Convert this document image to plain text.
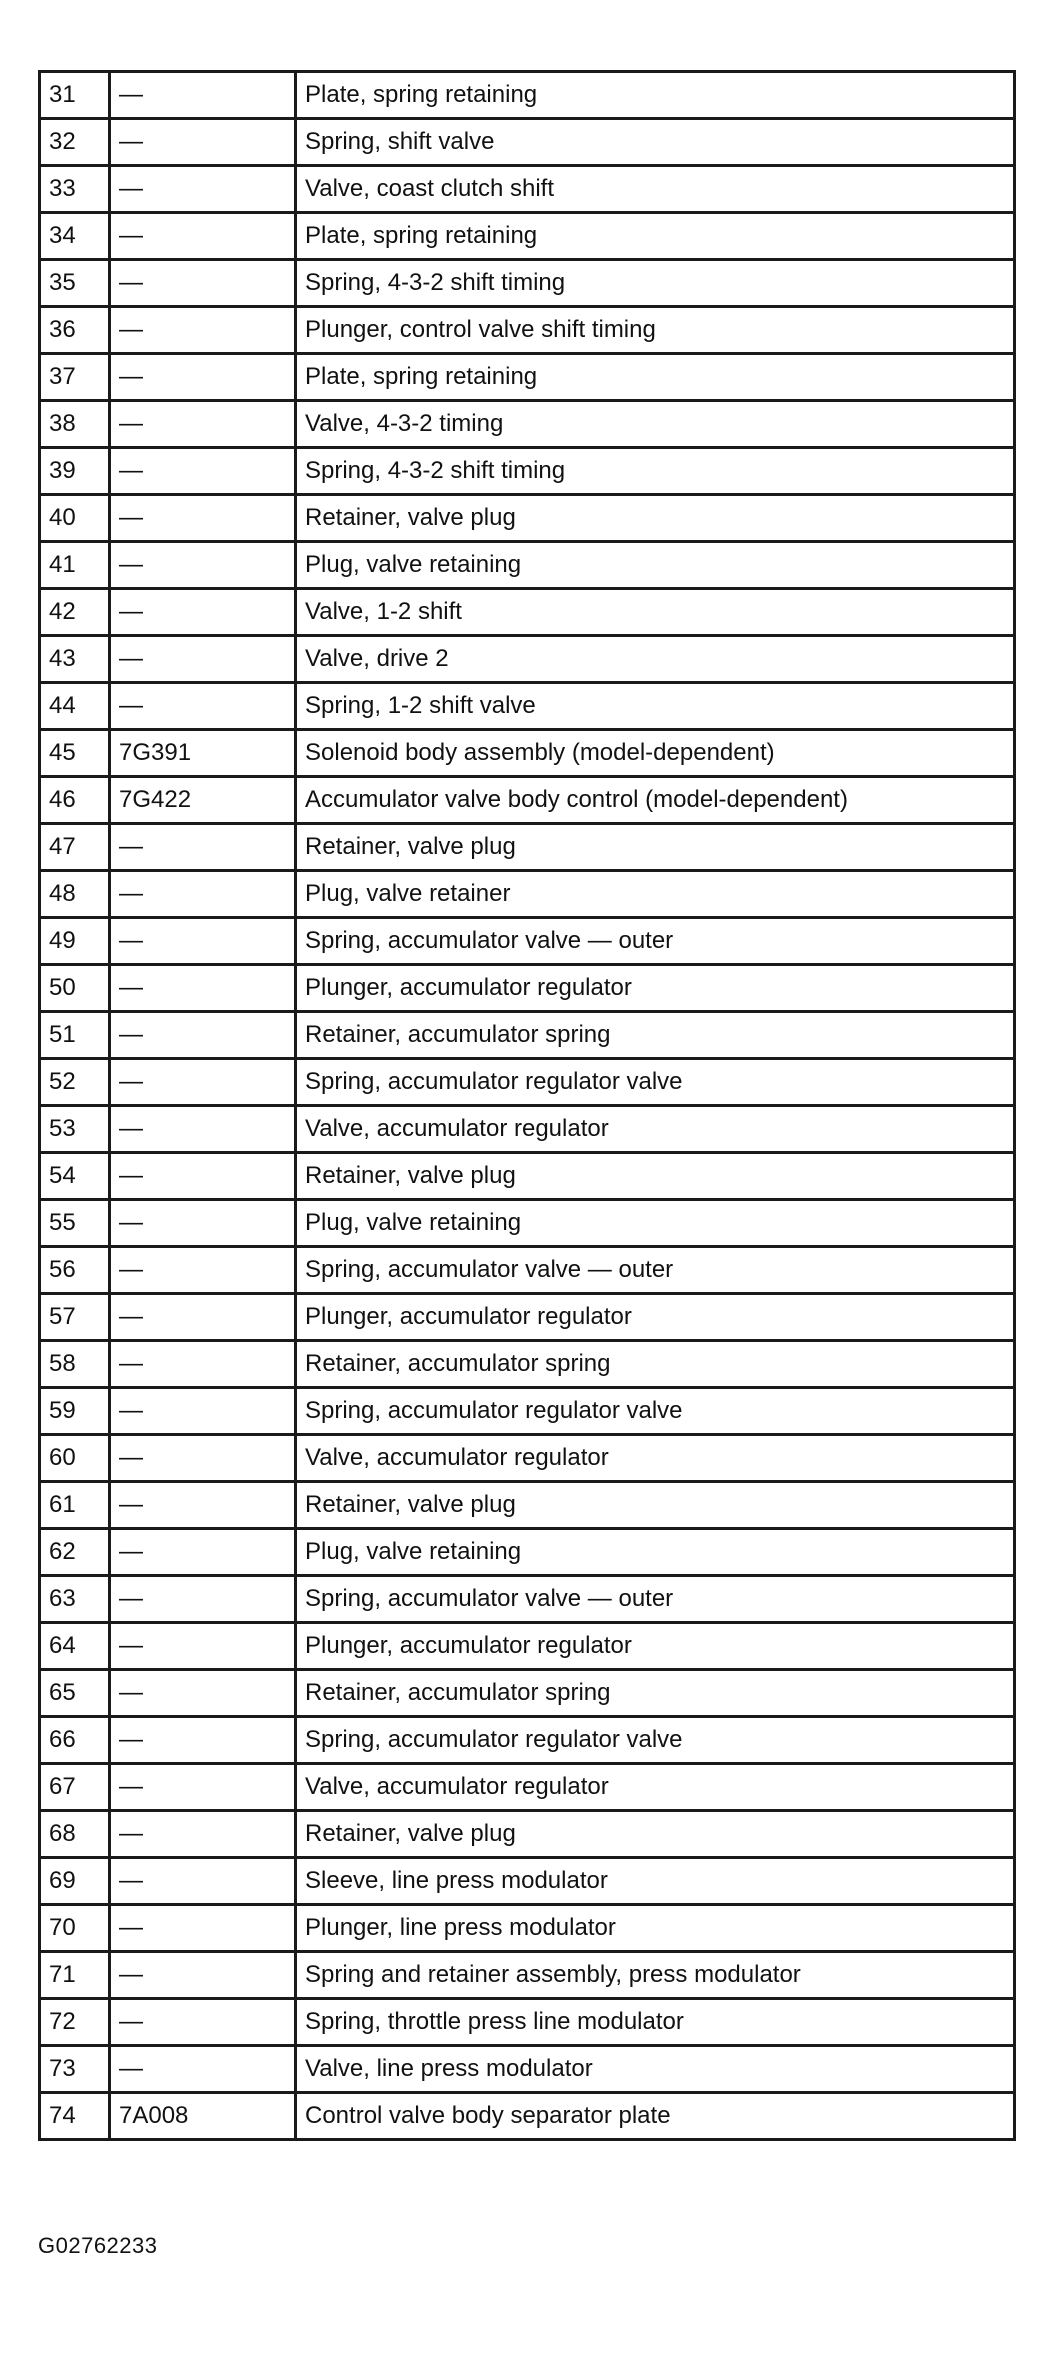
31	—	Plate, spring retaining
32	—	Spring, shift valve
33	—	Valve, coast clutch shift
34	—	Plate, spring retaining
35	—	Spring, 4-3-2 shift timing
36	—	Plunger, control valve shift timing
37	—	Plate, spring retaining
38	—	Valve, 4-3-2 timing
39	—	Spring, 4-3-2 shift timing
40	—	Retainer, valve plug
41	—	Plug, valve retaining
42	—	Valve, 1-2 shift
43	—	Valve, drive 2
44	—	Spring, 1-2 shift valve
45	7G391	Solenoid body assembly (model-dependent)
46	7G422	Accumulator valve body control (model-dependent)
47	—	Retainer, valve plug
48	—	Plug, valve retainer
49	—	Spring, accumulator valve — outer
50	—	Plunger, accumulator regulator
51	—	Retainer, accumulator spring
52	—	Spring, accumulator regulator valve
53	—	Valve, accumulator regulator
54	—	Retainer, valve plug
55	—	Plug, valve retaining
56	—	Spring, accumulator valve — outer
57	—	Plunger, accumulator regulator
58	—	Retainer, accumulator spring
59	—	Spring, accumulator regulator valve
60	—	Valve, accumulator regulator
61	—	Retainer, valve plug
62	—	Plug, valve retaining
63	—	Spring, accumulator valve — outer
64	—	Plunger, accumulator regulator
65	—	Retainer, accumulator spring
66	—	Spring, accumulator regulator valve
67	—	Valve, accumulator regulator
68	—	Retainer, valve plug
69	—	Sleeve, line press modulator
70	—	Plunger, line press modulator
71	—	Spring and retainer assembly, press modulator
72	—	Spring, throttle press line modulator
73	—	Valve, line press modulator
74	7A008	Control valve body separator plate
G02762233
